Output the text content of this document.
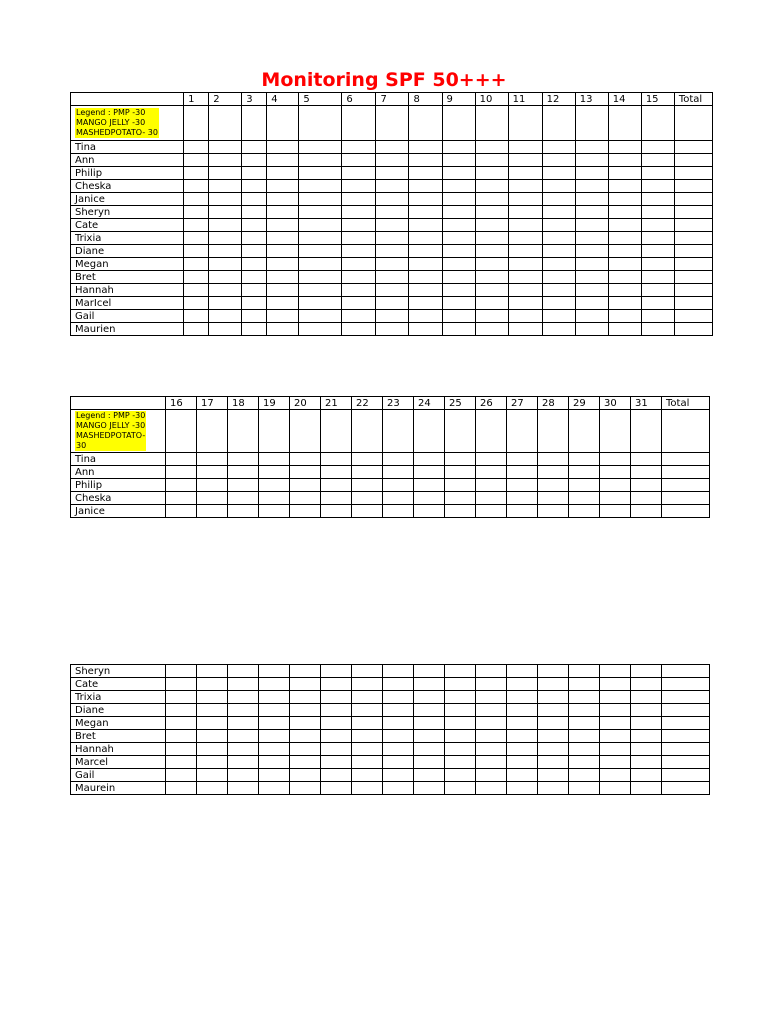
Monitoring SPF 50+++
	1	2	3	4	5	6	7	8	9	10	11	12	13	14	15	Total

Legend : PMP -30
MANGO JELLY -30
MASHEDPOTATO- 30																

Tina																
Ann																
Philip																
Cheska																
Janice																
Sheryn																
Cate																
Trixia																
Diane																
Megan																
Bret																
Hannah																
MarIcel																
Gail																
Maurien																
	16	17	18	19	20	21	22	23	24	25	26	27	28	29	30	31	Total

Legend : PMP -30
MANGO JELLY -30
MASHEDPOTATO-
30																	

Tina																	
Ann																	
Philip																	
Cheska																	
Janice																	
Sheryn																	
Cate																	
Trixia																	
Diane																	
Megan																	
Bret																	
Hannah																	
Marcel																	
Gail																	
Maurein																	
